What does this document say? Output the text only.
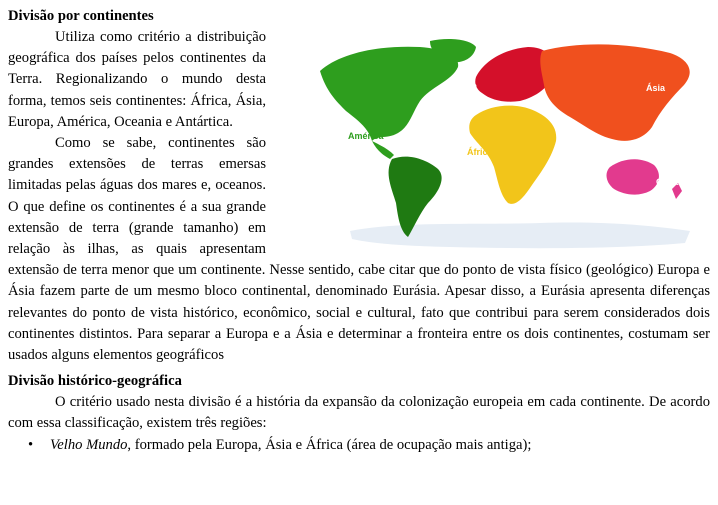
Divisão por continentes
Europa	Ásia
América
África
Oceania

Utiliza como critério a distribuição geográfica dos países pelos continentes da Terra. Regionalizando o mundo desta forma, temos seis continentes: África, Ásia, Europa, América, Oceania e Antártica.

Como se sabe, continentes são grandes extensões de terras emersas limitadas pelas águas dos mares e, oceanos. O que define os continentes é a sua grande extensão de terra (grande tamanho) em relação às ilhas, as quais apresentam extensão de terra menor que um continente. Nesse sentido, cabe citar que do ponto de vista físico (geológico) Europa e Ásia fazem parte de um mesmo bloco continental, denominado Eurásia. Apesar disso, a Eurásia apresenta diferenças relevantes do ponto de vista histórico, econômico, social e cultural, fato que contribui para serem considerados dois continentes distintos. Para separar a Europa e a Ásia e determinar a fronteira entre os dois continentes, costumam ser usados alguns elementos geográficos

Divisão histórico-geográfica

O critério usado nesta divisão é a história da expansão da colonização europeia em cada continente. De acordo com essa classificação, existem três regiões:

• Velho Mundo, formado pela Europa, Ásia e África (área de ocupação mais antiga);
